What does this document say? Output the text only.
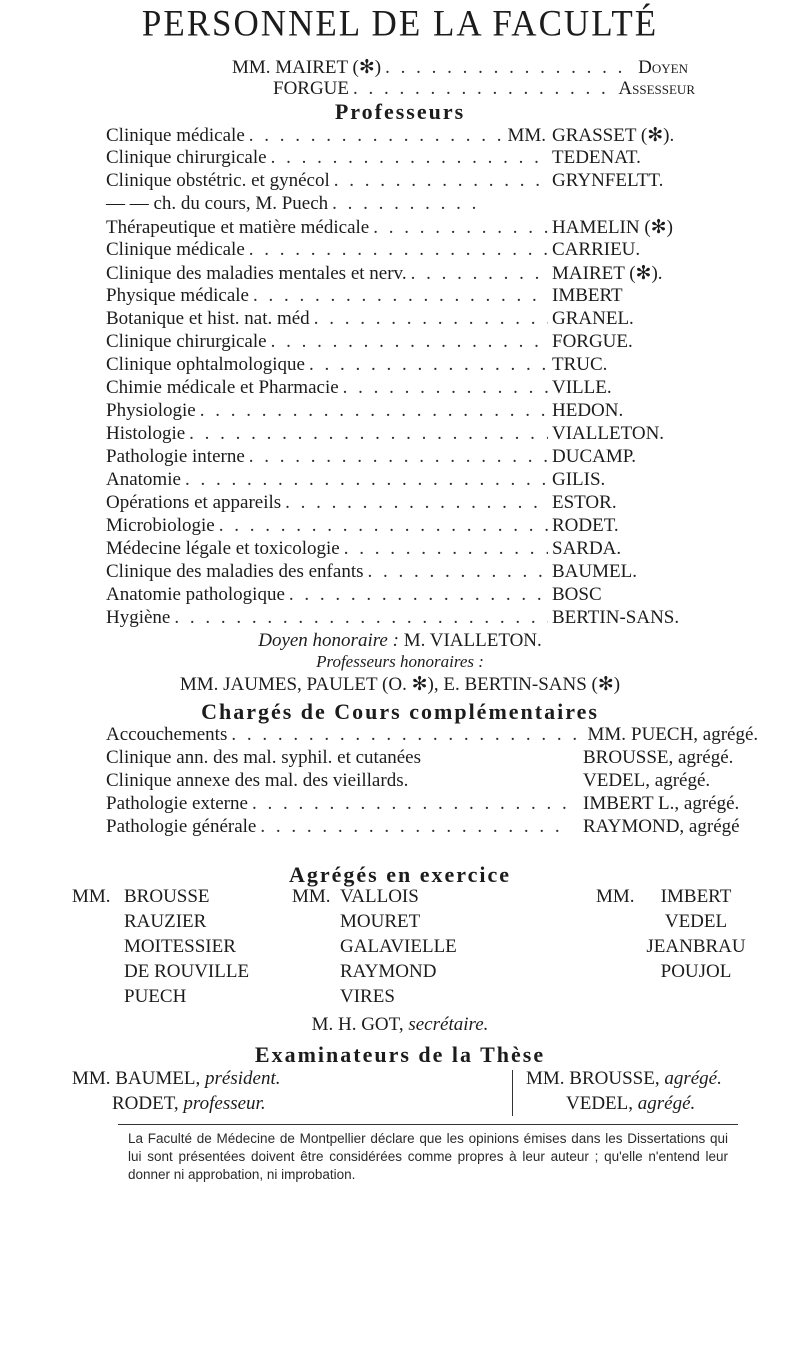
PERSONNEL DE LA FACULTÉ
MM. MAIRET (✻) . . .	Doyen
FORGUE . . .	Assesseur
Professeurs
Clinique médicale . . .	MM. GRASSET (✻).
Clinique chirurgicale . . .	TEDENAT.
Clinique obstétric. et gynécol . . .	GRYNFELTT.
— — ch. du cours, M. Puech
. . .
Thérapeutique et matière médicale . . .	HAMELIN (✻)
Clinique médicale . . .	CARRIEU.
Clinique des maladies mentales et nerv. . . .	MAIRET (✻).
Physique médicale . . .	IMBERT
Botanique et hist. nat. méd . . .	GRANEL.
Clinique chirurgicale . . .	FORGUE.
Clinique ophtalmologique . . .	TRUC.
Chimie médicale et Pharmacie . . .	VILLE.
Physiologie . . .	HEDON.
Histologie . . .	VIALLETON.
Pathologie interne . . .	DUCAMP.
Anatomie . . .	GILIS.
Opérations et appareils . . .	ESTOR.
Microbiologie . . .	RODET.
Médecine légale et toxicologie . . .	SARDA.
Clinique des maladies des enfants . . .	BAUMEL.
Anatomie pathologique . . .	BOSC
Hygiène . . .	BERTIN-SANS.
Doyen honoraire : M. VIALLETON.
Professeurs honoraires :
MM. JAUMES, PAULET (O. ✻), E. BERTIN-SANS (✻)
Chargés de Cours complémentaires
Accouchements . . .	MM. PUECH, agrégé.
Clinique ann. des mal. syphil. et cutanées	BROUSSE, agrégé.
Clinique annexe des mal. des vieillards.	VEDEL, agrégé.
Pathologie externe . . .	IMBERT L., agrégé.
Pathologie générale . . .	RAYMOND, agrégé
Agrégés en exercice
MM. BROUSSE
RAUZIER
MOITESSIER
DE ROUVILLE
PUECH
MM. VALLOIS
MOURET
GALAVIELLE
RAYMOND
VIRES
MM.	IMBERT
VEDEL
JEANBRAU
POUJOL
M. H. GOT, secrétaire.
Examinateurs de la Thèse
MM. BAUMEL, président.
RODET, professeur.
MM. BROUSSE, agrégé.
VEDEL, agrégé.
La Faculté de Médecine de Montpellier déclare que les opinions émises dans les Dissertations qui lui sont présentées doivent être considérées comme propres à leur auteur ; qu'elle n'entend leur donner ni approbation, ni improbation.
